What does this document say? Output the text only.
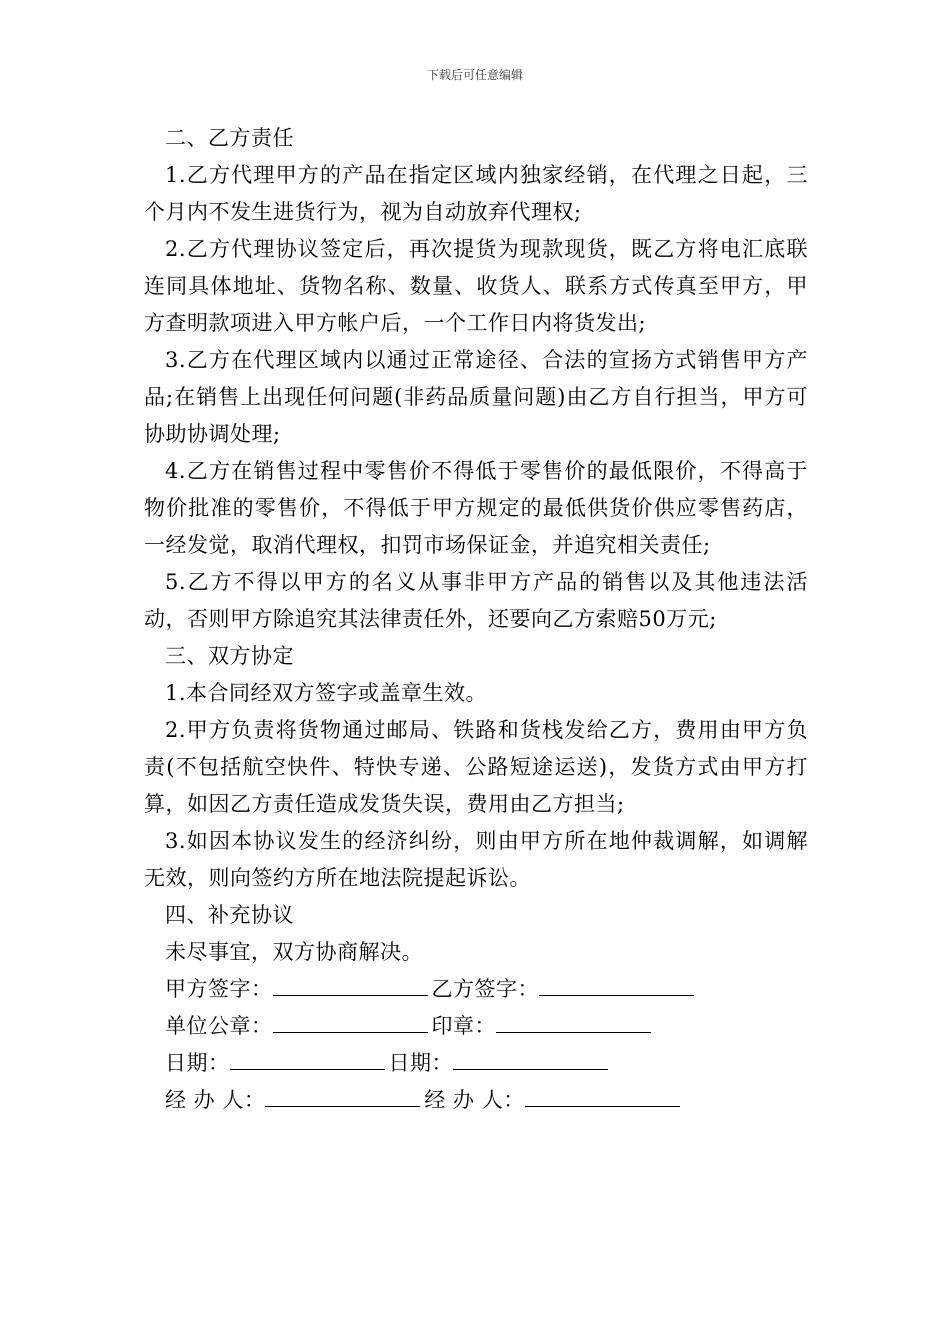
下载后可任意编辑

二、乙方责任

1.乙方代理甲方的产品在指定区域内独家经销，在代理之日起，三个月内不发生进货行为，视为自动放弃代理权;

2.乙方代理协议签定后，再次提货为现款现货，既乙方将电汇底联连同具体地址、货物名称、数量、收货人、联系方式传真至甲方，甲方查明款项进入甲方帐户后，一个工作日内将货发出;

3.乙方在代理区域内以通过正常途径、合法的宣扬方式销售甲方产品;在销售上出现任何问题(非药品质量问题)由乙方自行担当，甲方可协助协调处理;

4.乙方在销售过程中零售价不得低于零售价的最低限价，不得高于物价批准的零售价，不得低于甲方规定的最低供货价供应零售药店，一经发觉，取消代理权，扣罚市场保证金，并追究相关责任;

5.乙方不得以甲方的名义从事非甲方产品的销售以及其他违法活动，否则甲方除追究其法律责任外，还要向乙方索赔50万元;

三、双方协定

1.本合同经双方签字或盖章生效。

2.甲方负责将货物通过邮局、铁路和货栈发给乙方，费用由甲方负责(不包括航空快件、特快专递、公路短途运送)，发货方式由甲方打算，如因乙方责任造成发货失误，费用由乙方担当;

3.如因本协议发生的经济纠纷，则由甲方所在地仲裁调解，如调解无效，则向签约方所在地法院提起诉讼。

四、补充协议

未尽事宜，双方协商解决。

甲方签字：	乙方签字：

单位公章：	印章：

日期：	日期：

经 办 人：	经 办 人：
